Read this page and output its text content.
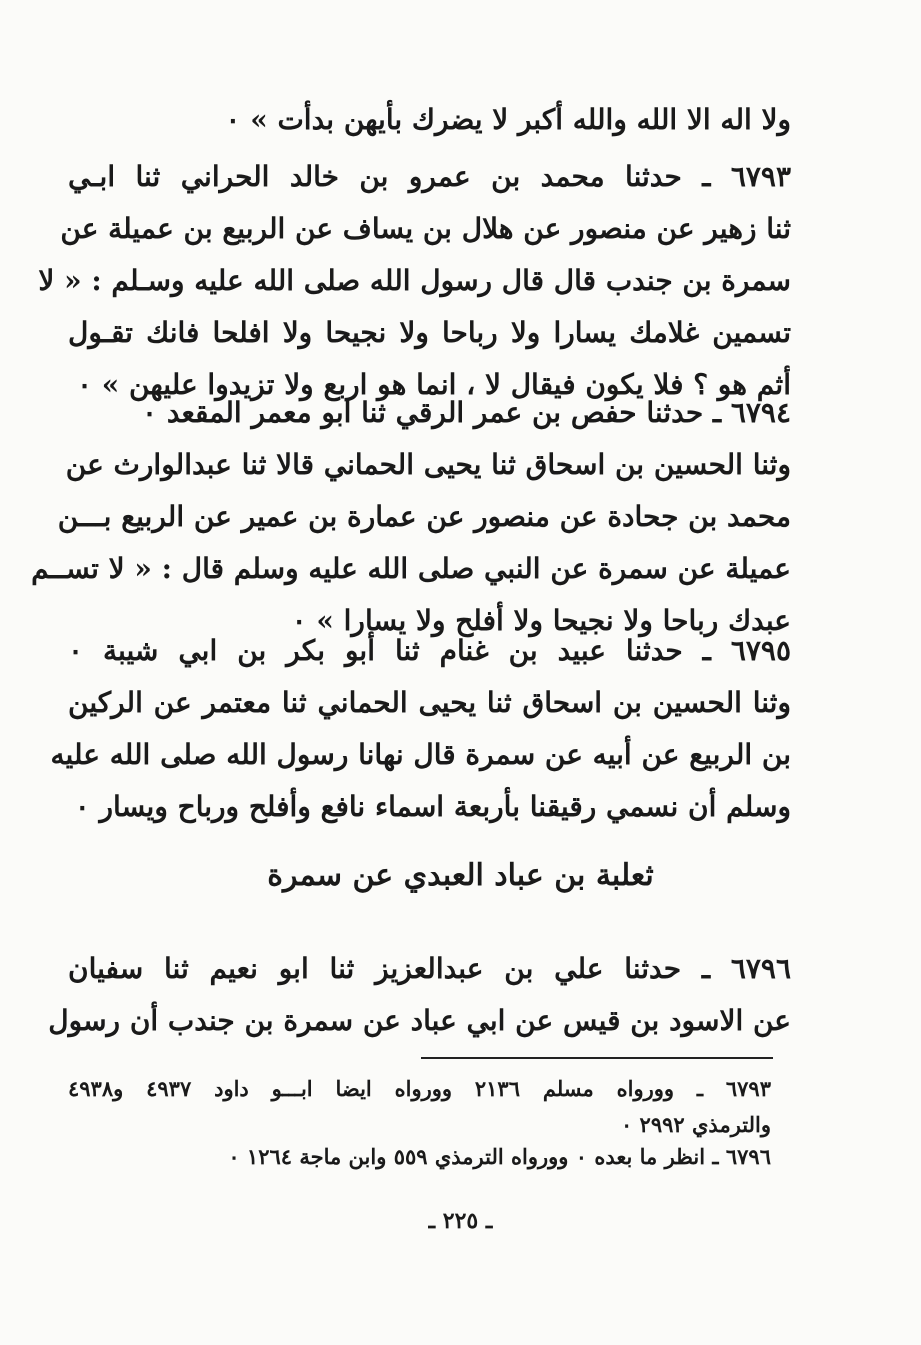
ولا اله الا الله والله أكبر لا يضرك بأيهن بدأت » ٠
٦٧٩٣ ـ حدثنا محمد بن عمرو بن خالد الحراني ثنا ابـي
ثنا زهير عن منصور عن هلال بن يساف عن الربيع بن عميلة عن
سمرة بن جندب قال قال رسول الله صلى الله عليه وسـلم : « لا
تسمين غلامك يسارا ولا رباحا ولا نجيحا ولا افلحا فانك تقـول
أثم هو ؟ فلا يكون فيقال لا ، انما هو اربع ولا تزيدوا عليهن » ٠
٦٧٩٤ ـ حدثنا حفص بن عمر الرقي ثنا ابو معمر المقعد ٠
وثنا الحسين بن اسحاق ثنا يحيى الحماني قالا ثنا عبدالوارث عن
محمد بن جحادة عن منصور عن عمارة بن عمير عن الربيع بـــن
عميلة عن سمرة عن النبي صلى الله عليه وسلم قال : « لا تســم
عبدك رباحا ولا نجيحا ولا أفلح ولا يسارا » ٠
٦٧٩٥ ـ حدثنا عبيد بن غنام ثنا أبو بكر بن ابي شيبة ٠
وثنا الحسين بن اسحاق ثنا يحيى الحماني ثنا معتمر عن الركين
بن الربيع عن أبيه عن سمرة قال نهانا رسول الله صلى الله عليه
وسلم أن نسمي رقيقنا بأربعة اسماء نافع وأفلح ورباح ويسار ٠
ثعلبة بن عباد العبدي عن سمرة
٦٧٩٦ ـ حدثنا علي بن عبدالعزيز ثنا ابو نعيم ثنا سفيان
عن الاسود بن قيس عن ابي عباد عن سمرة بن جندب أن رسول
٦٧٩٣ ـ وورواه مسلم ٢١٣٦ وورواه ايضا ابـــو داود ٤٩٣٧ و٤٩٣٨
والترمذي ٢٩٩٢ ٠
٦٧٩٦ ـ انظر ما بعده ٠ وورواه الترمذي ٥٥٩ وابن ماجة ١٢٦٤ ٠
ـ ٢٢٥ ـ
